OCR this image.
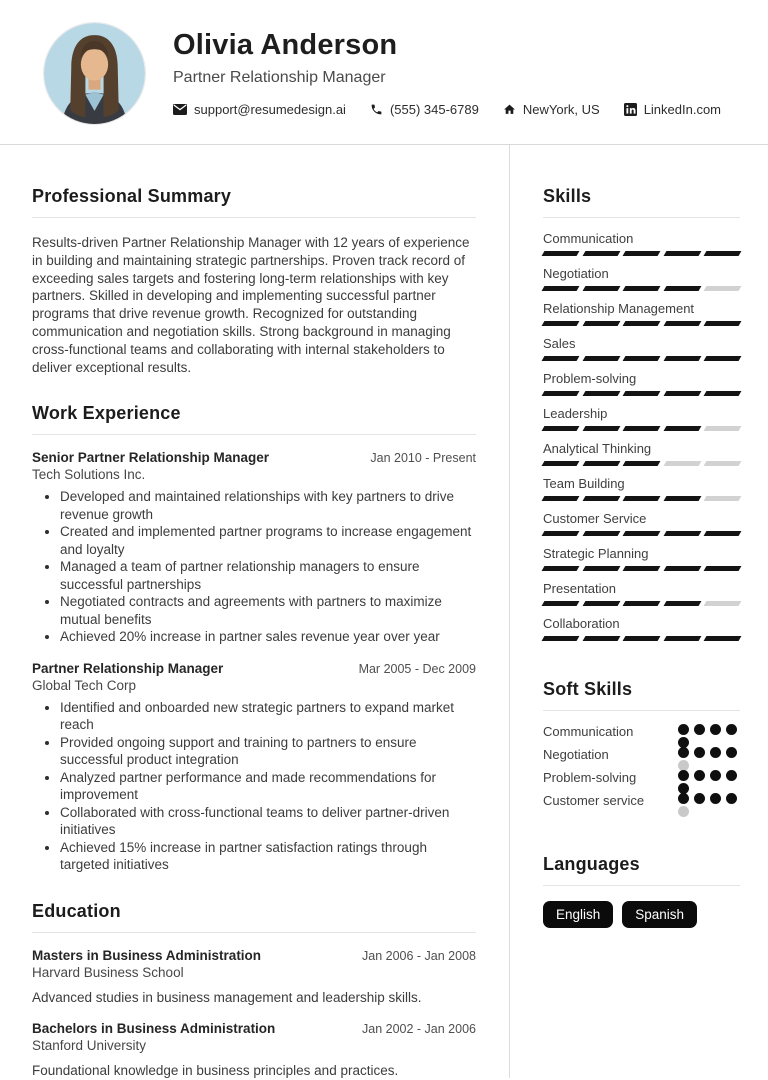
Olivia Anderson
Partner Relationship Manager
support@resumedesign.ai	(555) 345-6789	NewYork, US	LinkedIn.com
Professional Summary

Results-driven Partner Relationship Manager with 12 years of experience in building and maintaining strategic partnerships. Proven track record of exceeding sales targets and fostering long-term relationships with key partners. Skilled in developing and implementing successful partner programs that drive revenue growth. Recognized for outstanding communication and negotiation skills. Strong background in managing cross-functional teams and collaborating with internal stakeholders to deliver exceptional results.

Work Experience
Senior Partner Relationship Manager	Jan 2010 - Present
Tech Solutions Inc.
• Developed and maintained relationships with key partners to drive revenue growth
• Created and implemented partner programs to increase engagement and loyalty
• Managed a team of partner relationship managers to ensure successful partnerships
• Negotiated contracts and agreements with partners to maximize mutual benefits
• Achieved 20% increase in partner sales revenue year over year
Partner Relationship Manager	Mar 2005 - Dec 2009
Global Tech Corp
• Identified and onboarded new strategic partners to expand market reach
• Provided ongoing support and training to partners to ensure successful product integration
• Analyzed partner performance and made recommendations for improvement
• Collaborated with cross-functional teams to deliver partner-driven initiatives
• Achieved 15% increase in partner satisfaction ratings through targeted initiatives
Education
Masters in Business Administration	Jan 2006 - Jan 2008
Harvard Business School

Advanced studies in business management and leadership skills.

Bachelors in Business Administration	Jan 2002 - Jan 2006
Stanford University

Foundational knowledge in business principles and practices.

Skills
Communication
Negotiation
Relationship Management
Sales
Problem-solving
Leadership
Analytical Thinking
Team Building
Customer Service
Strategic Planning
Presentation
Collaboration
Soft Skills
Communication
Negotiation
Problem-solving
Customer service
Languages
English	Spanish
